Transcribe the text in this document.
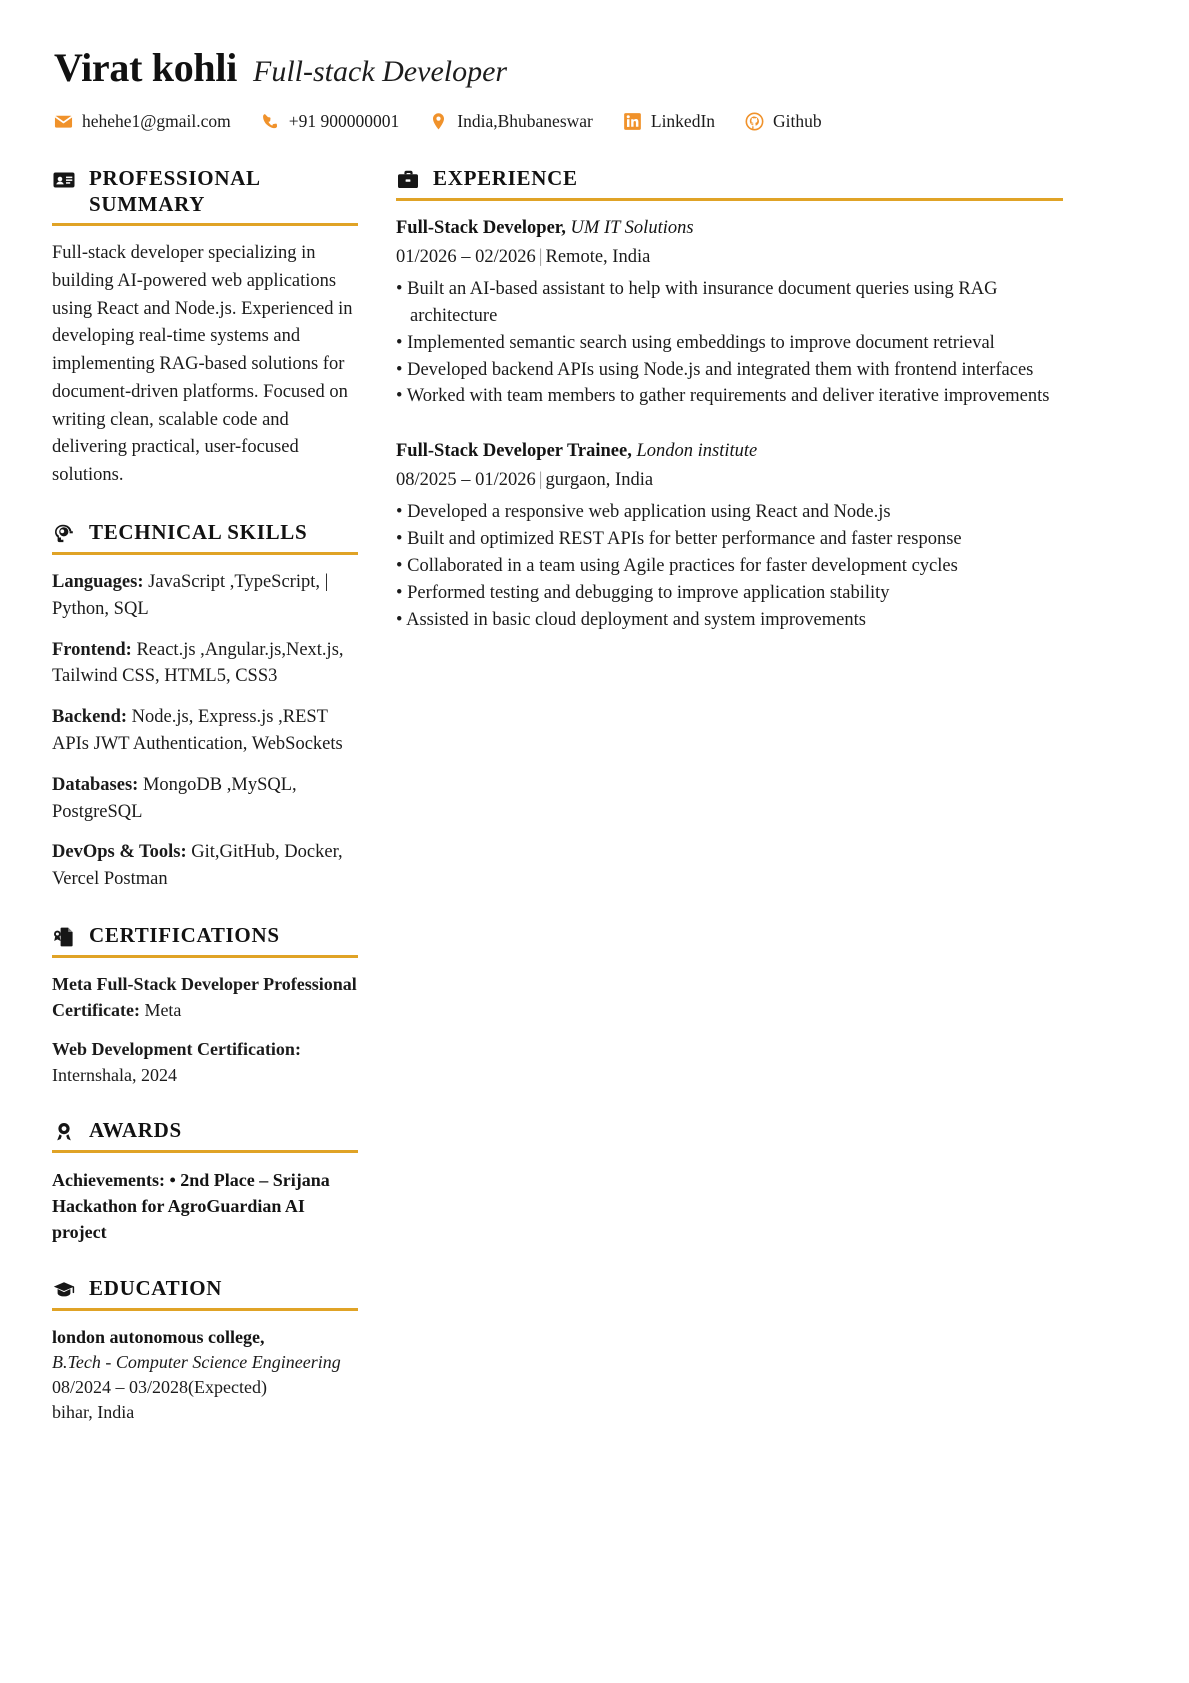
Virat kohli Full-stack Developer
hehehe1@gmail.com	+91 900000001	India,Bhubaneswar	LinkedIn	Github
PROFESSIONAL SUMMARY
Full-stack developer specializing in building AI-powered web applications using React and Node.js. Experienced in developing real-time systems and implementing RAG-based solutions for document-driven platforms. Focused on writing clean, scalable code and delivering practical, user-focused solutions.
TECHNICAL SKILLS
Languages: JavaScript ,TypeScript, | Python, SQL
Frontend: React.js ,Angular.js,Next.js, Tailwind CSS, HTML5, CSS3
Backend: Node.js, Express.js ,REST APIs JWT Authentication, WebSockets
Databases: MongoDB ,MySQL, PostgreSQL
DevOps & Tools: Git,GitHub, Docker, Vercel Postman
CERTIFICATIONS
Meta Full-Stack Developer Professional Certificate: Meta
Web Development Certification: Internshala, 2024
AWARDS
Achievements: • 2nd Place – Srijana Hackathon for AgroGuardian AI project
EDUCATION
london autonomous college,
B.Tech - Computer Science Engineering
08/2024 – 03/2028(Expected)
bihar, India
EXPERIENCE
Full-Stack Developer, UM IT Solutions
01/2026 – 02/2026 | Remote, India
• Built an AI-based assistant to help with insurance document queries using RAG architecture
• Implemented semantic search using embeddings to improve document retrieval
• Developed backend APIs using Node.js and integrated them with frontend interfaces
• Worked with team members to gather requirements and deliver iterative improvements
Full-Stack Developer Trainee, London institute
08/2025 – 01/2026 | gurgaon, India
• Developed a responsive web application using React and Node.js
• Built and optimized REST APIs for better performance and faster response
• Collaborated in a team using Agile practices for faster development cycles
• Performed testing and debugging to improve application stability
• Assisted in basic cloud deployment and system improvements
